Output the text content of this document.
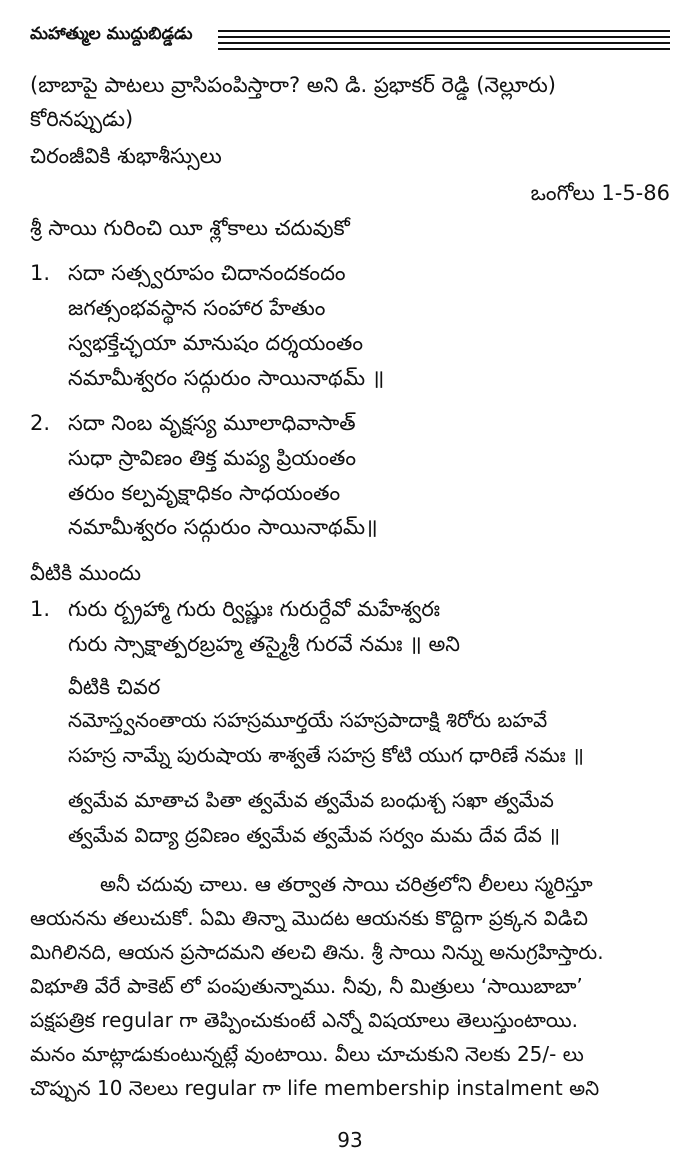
మహాత్ముల ముద్దుబిడ్డడు
(బాబాపై పాటలు వ్రాసిపంపిస్తారా? అని డి. ప్రభాకర్ రెడ్డి (నెల్లూరు)
కోరినప్పుడు)
చిరంజీవికి శుభాశీస్సులు
ఒంగోలు 1-5-86
శ్రీ సాయి గురించి యీ శ్లోకాలు చదువుకో
1. సదా సత్స్వరూపం చిదానందకందం
జగత్సంభవస్థాన సంహార హేతుం
స్వభక్తేచ్ఛయా మానుషం దర్శయంతం
నమామీశ్వరం సద్గురుం సాయినాథమ్ ॥
2. సదా నింబ వృక్షస్య మూలాధివాసాత్
సుధా స్రావిణం తిక్త మప్య ప్రియంతం
తరుం కల్పవృక్షాధికం సాధయంతం
నమామీశ్వరం సద్గురుం సాయినాథమ్॥
వీటికి ముందు
1. గురు ర్బ్రహ్మా గురు ర్విష్ణుః గురుర్దేవో మహేశ్వరః
గురు స్సాక్షాత్పరబ్రహ్మ తస్మైశ్రీ గురవే నమః ॥ అని
వీటికి చివర
నమోస్త్వనంతాయ సహస్రమూర్తయే సహస్రపాదాక్షి శిరోరు బహవే
సహస్ర నామ్నే పురుషాయ శాశ్వతే సహస్ర కోటి యుగ ధారిణే నమః ॥
త్వమేవ మాతాచ పితా త్వమేవ త్వమేవ బంధుశ్చ సఖా త్వమేవ
త్వమేవ విద్యా ద్రవిణం త్వమేవ త్వమేవ సర్వం మమ దేవ దేవ ॥
అనీ చదువు చాలు. ఆ తర్వాత సాయి చరిత్రలోని లీలలు స్మరిస్తూ
ఆయనను తలుచుకో. ఏమి తిన్నా మొదట ఆయనకు కొద్దిగా ప్రక్కన విడిచి
మిగిలినది, ఆయన ప్రసాదమని తలచి తిను. శ్రీ సాయి నిన్ను అనుగ్రహిస్తారు.
విభూతి వేరే పాకెట్ లో పంపుతున్నాము. నీవు, నీ మిత్రులు ‘సాయిబాబా’
పక్షపత్రిక regular గా తెప్పించుకుంటే ఎన్నో విషయాలు తెలుస్తుంటాయి.
మనం మాట్లాడుకుంటున్నట్లే వుంటాయి. వీలు చూచుకుని నెలకు 25/- లు
చొప్పున 10 నెలలు regular గా life membership instalment అని
93
